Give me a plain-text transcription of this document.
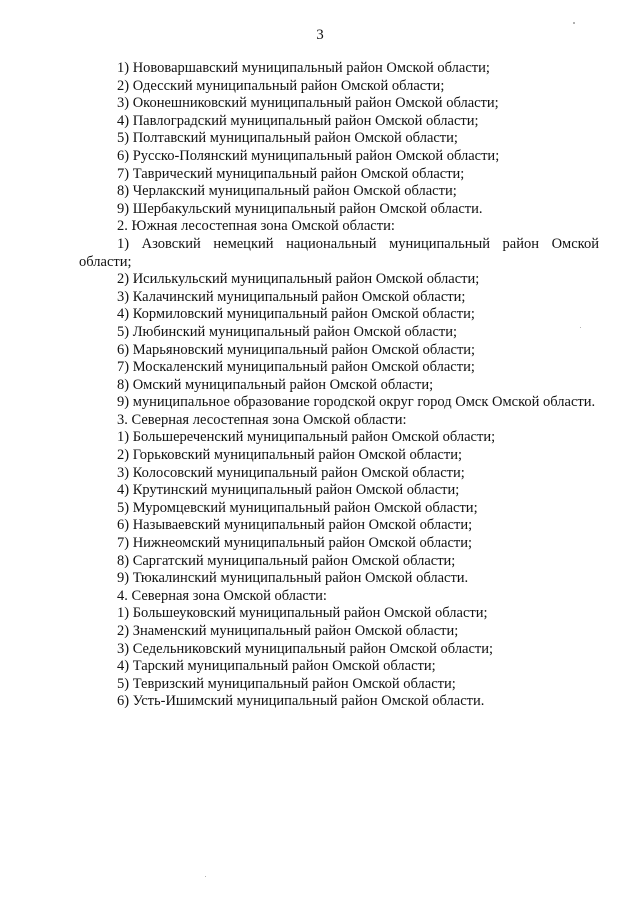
3
1) Нововаршавский муниципальный район Омской области;
2) Одесский муниципальный район Омской области;
3) Оконешниковский муниципальный район Омской области;
4) Павлоградский муниципальный район Омской области;
5) Полтавский муниципальный район Омской области;
6) Русско-Полянский муниципальный район Омской области;
7) Таврический муниципальный район Омской области;
8) Черлакский муниципальный район Омской области;
9) Шербакульский муниципальный район Омской области.
2. Южная лесостепная зона Омской области:
1) Азовский немецкий национальный муниципальный район Омской области;
2) Исилькульский муниципальный район Омской области;
3) Калачинский муниципальный район Омской области;
4) Кормиловский муниципальный район Омской области;
5) Любинский муниципальный район Омской области;
6) Марьяновский муниципальный район Омской области;
7) Москаленский муниципальный район Омской области;
8) Омский муниципальный район Омской области;
9) муниципальное образование городской округ город Омск Омской области.
3. Северная лесостепная зона Омской области:
1) Большереченский муниципальный район Омской области;
2) Горьковский муниципальный район Омской области;
3) Колосовский муниципальный район Омской области;
4) Крутинский муниципальный район Омской области;
5) Муромцевский муниципальный район Омской области;
6) Называевский муниципальный район Омской области;
7) Нижнеомский муниципальный район Омской области;
8) Саргатский муниципальный район Омской области;
9) Тюкалинский муниципальный район Омской области.
4. Северная зона Омской области:
1) Большеуковский муниципальный район Омской области;
2) Знаменский муниципальный район Омской области;
3) Седельниковский муниципальный район Омской области;
4) Тарский муниципальный район Омской области;
5) Тевризский муниципальный район Омской области;
6) Усть-Ишимский муниципальный район Омской области.
